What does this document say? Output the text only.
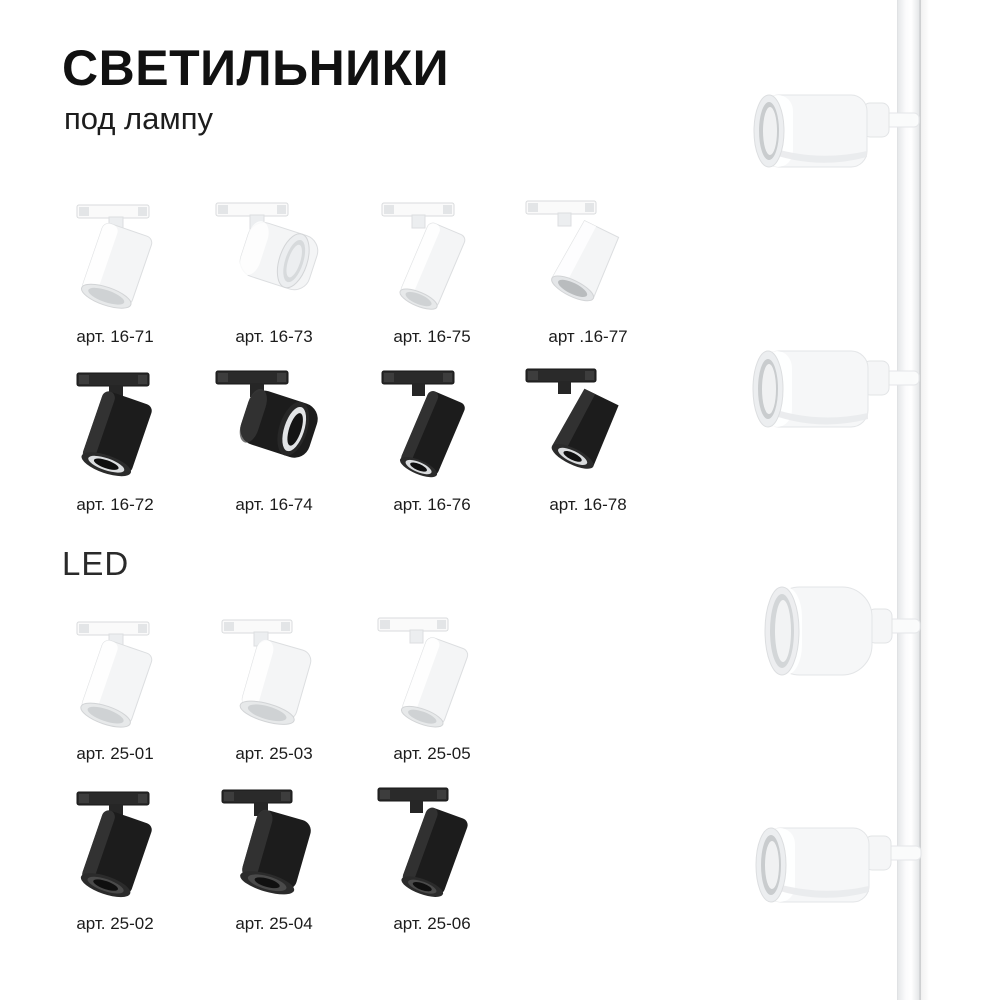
СВЕТИЛЬНИКИ
под лампу
LED
арт. 16-71	арт. 16-73	арт. 16-75	арт .16-77
арт. 16-72	арт. 16-74	арт. 16-76	арт. 16-78
арт. 25-01	арт. 25-03	арт. 25-05
арт. 25-02	арт. 25-04	арт. 25-06
